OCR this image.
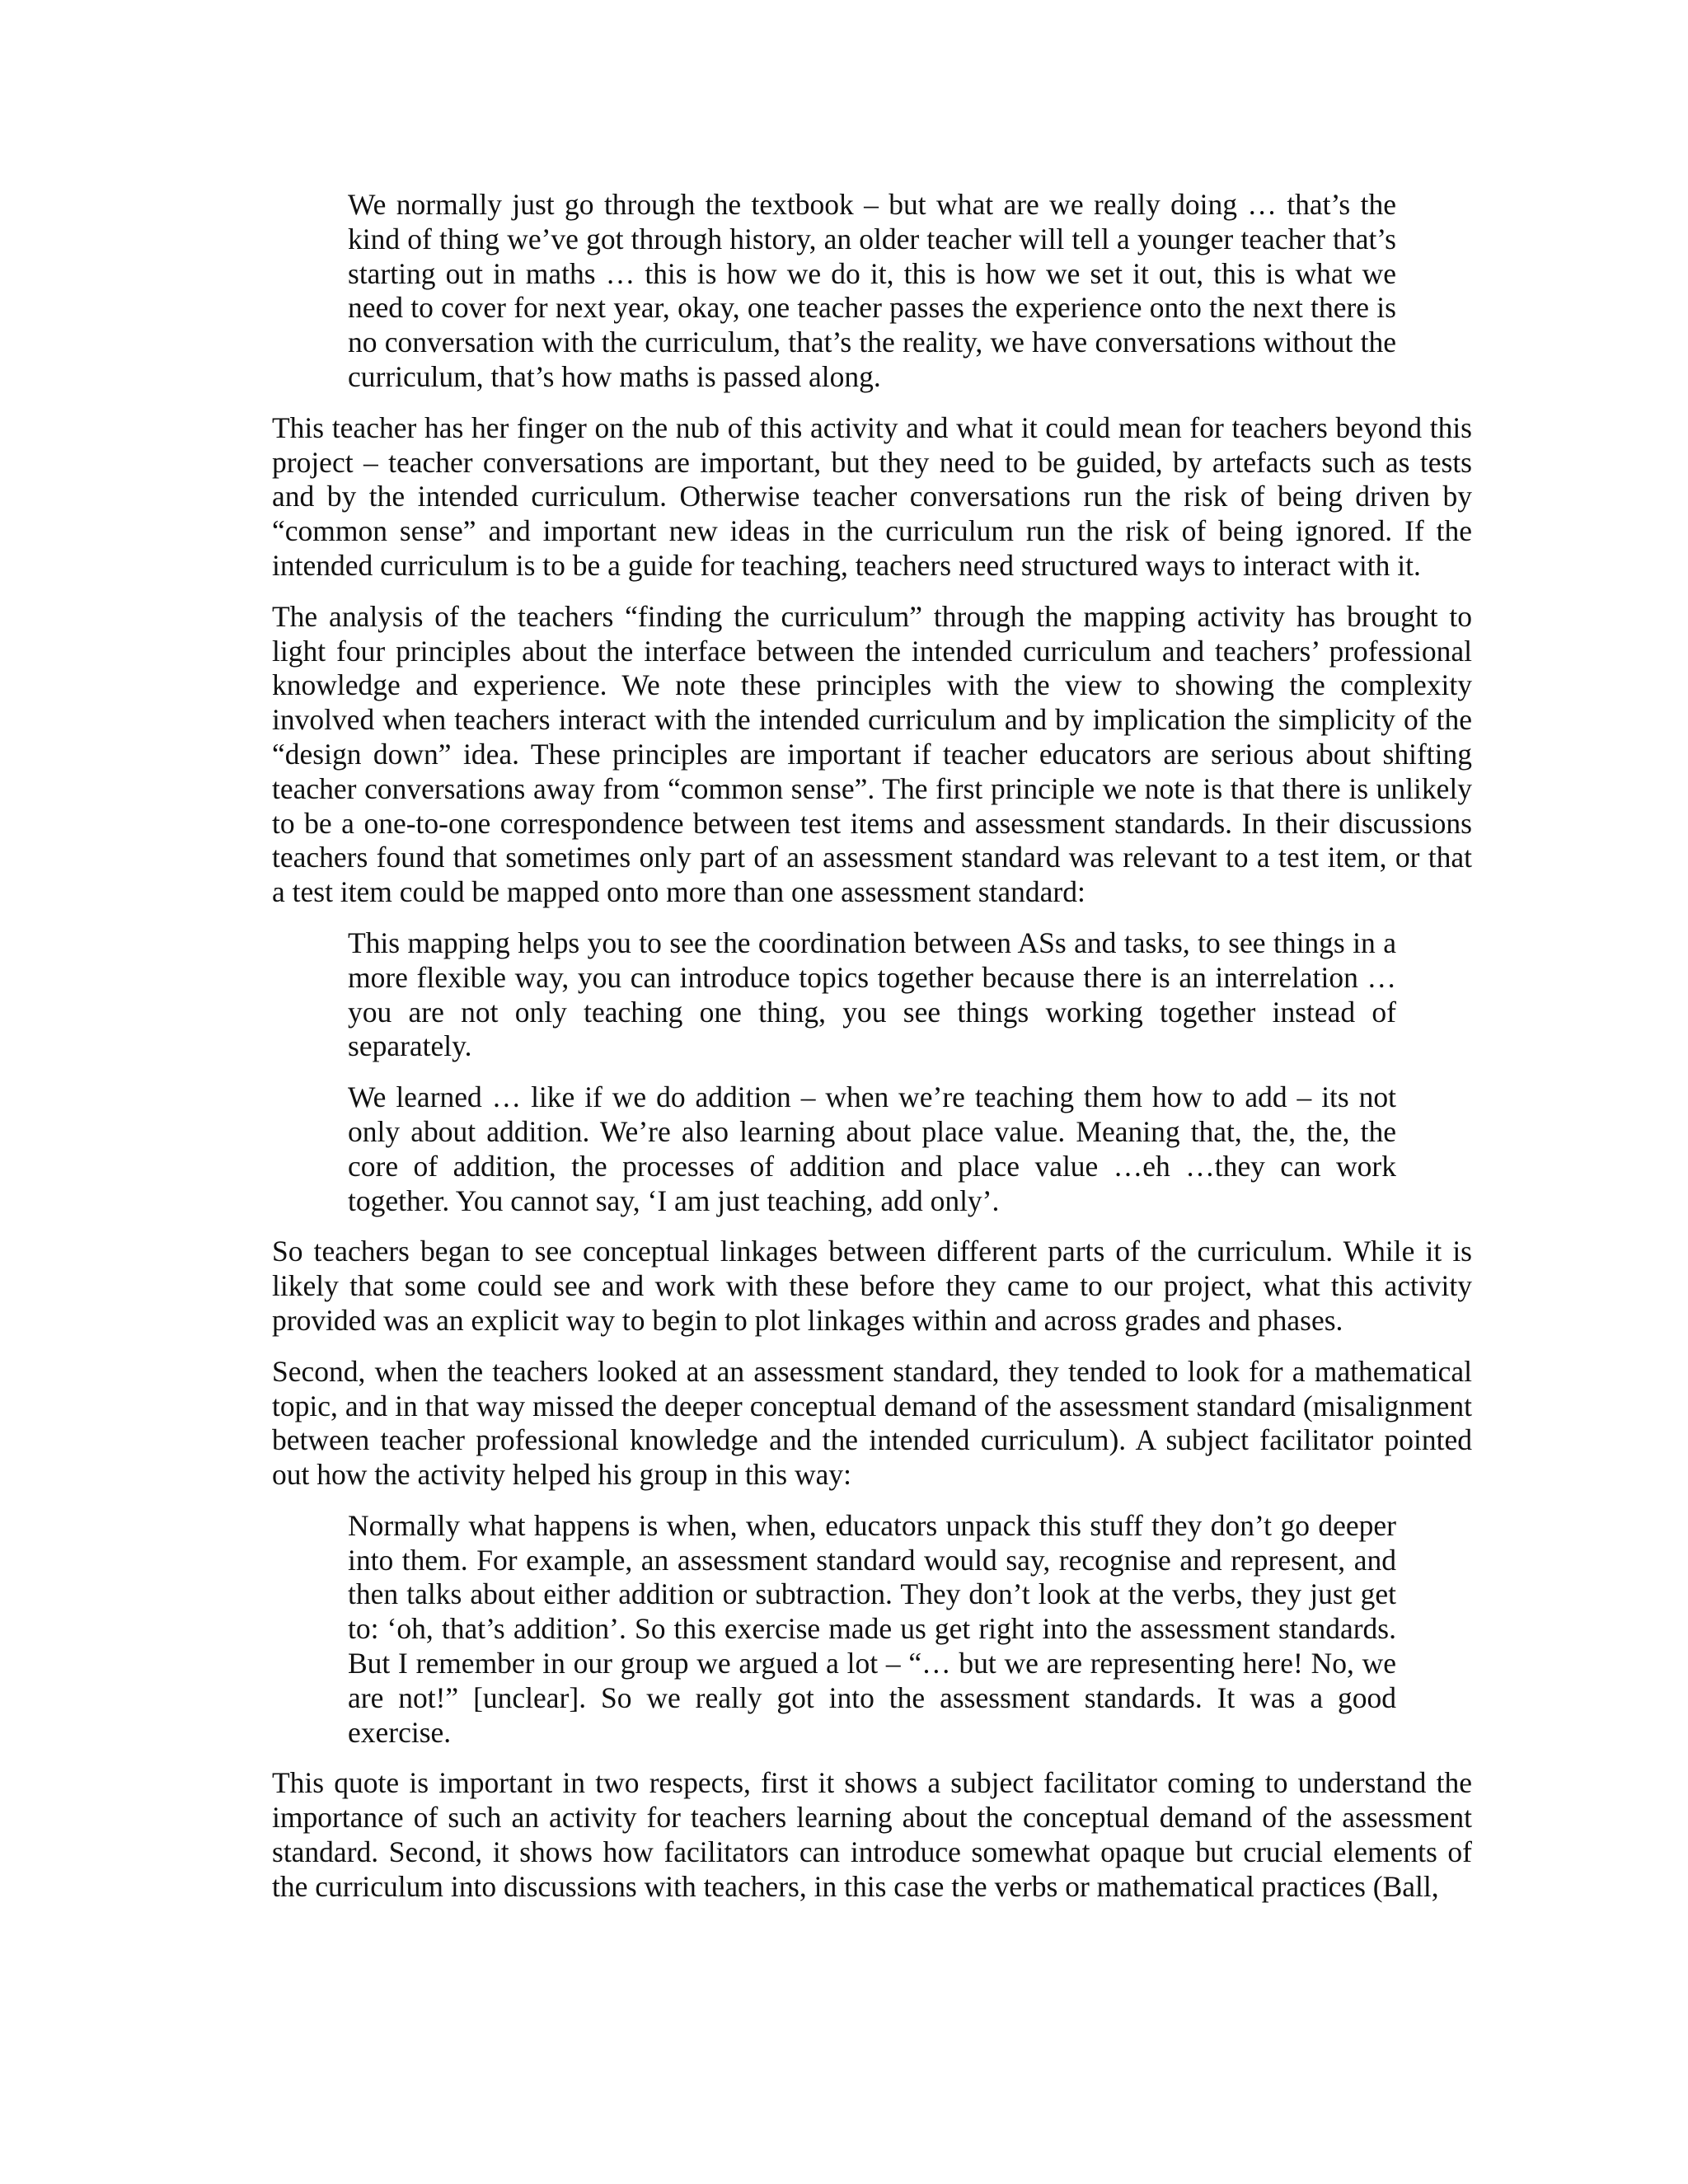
We normally just go through the textbook – but what are we really doing … that’s the kind of thing we’ve got through history, an older teacher will tell a younger teacher that’s starting out in maths … this is how we do it, this is how we set it out, this is what we need to cover for next year, okay, one teacher passes the experience onto the next there is no conversation with the curriculum, that’s the reality, we have conversations without the curriculum, that’s how maths is passed along.

This teacher has her finger on the nub of this activity and what it could mean for teachers beyond this project – teacher conversations are important, but they need to be guided, by artefacts such as tests and by the intended curriculum. Otherwise teacher conversations run the risk of being driven by “common sense” and important new ideas in the curriculum run the risk of being ignored. If the intended curriculum is to be a guide for teaching, teachers need structured ways to interact with it.

The analysis of the teachers “finding the curriculum” through the mapping activity has brought to light four principles about the interface between the intended curriculum and teachers’ professional knowledge and experience. We note these principles with the view to showing the complexity involved when teachers interact with the intended curriculum and by implication the simplicity of the “design down” idea. These principles are important if teacher educators are serious about shifting teacher conversations away from “common sense”. The first principle we note is that there is unlikely to be a one-to-one correspondence between test items and assessment standards. In their discussions teachers found that sometimes only part of an assessment standard was relevant to a test item, or that a test item could be mapped onto more than one assessment standard:

This mapping helps you to see the coordination between ASs and tasks, to see things in a more flexible way, you can introduce topics together because there is an interrelation … you are not only teaching one thing, you see things working together instead of separately.

We learned … like if we do addition – when we’re teaching them how to add – its not only about addition. We’re also learning about place value. Meaning that, the, the, the core of addition, the processes of addition and place value …eh …they can work together. You cannot say, ‘I am just teaching, add only’.

So teachers began to see conceptual linkages between different parts of the curriculum. While it is likely that some could see and work with these before they came to our project, what this activity provided was an explicit way to begin to plot linkages within and across grades and phases.

Second, when the teachers looked at an assessment standard, they tended to look for a mathematical topic, and in that way missed the deeper conceptual demand of the assessment standard (misalignment between teacher professional knowledge and the intended curriculum). A subject facilitator pointed out how the activity helped his group in this way:

Normally what happens is when, when, educators unpack this stuff they don’t go deeper into them. For example, an assessment standard would say, recognise and represent, and then talks about either addition or subtraction. They don’t look at the verbs, they just get to: ‘oh, that’s addition’. So this exercise made us get right into the assessment standards. But I remember in our group we argued a lot – “… but we are representing here! No, we are not!” [unclear]. So we really got into the assessment standards. It was a good exercise.

This quote is important in two respects, first it shows a subject facilitator coming to understand the importance of such an activity for teachers learning about the conceptual demand of the assessment standard. Second, it shows how facilitators can introduce somewhat opaque but crucial elements of the curriculum into discussions with teachers, in this case the verbs or mathematical practices (Ball,
